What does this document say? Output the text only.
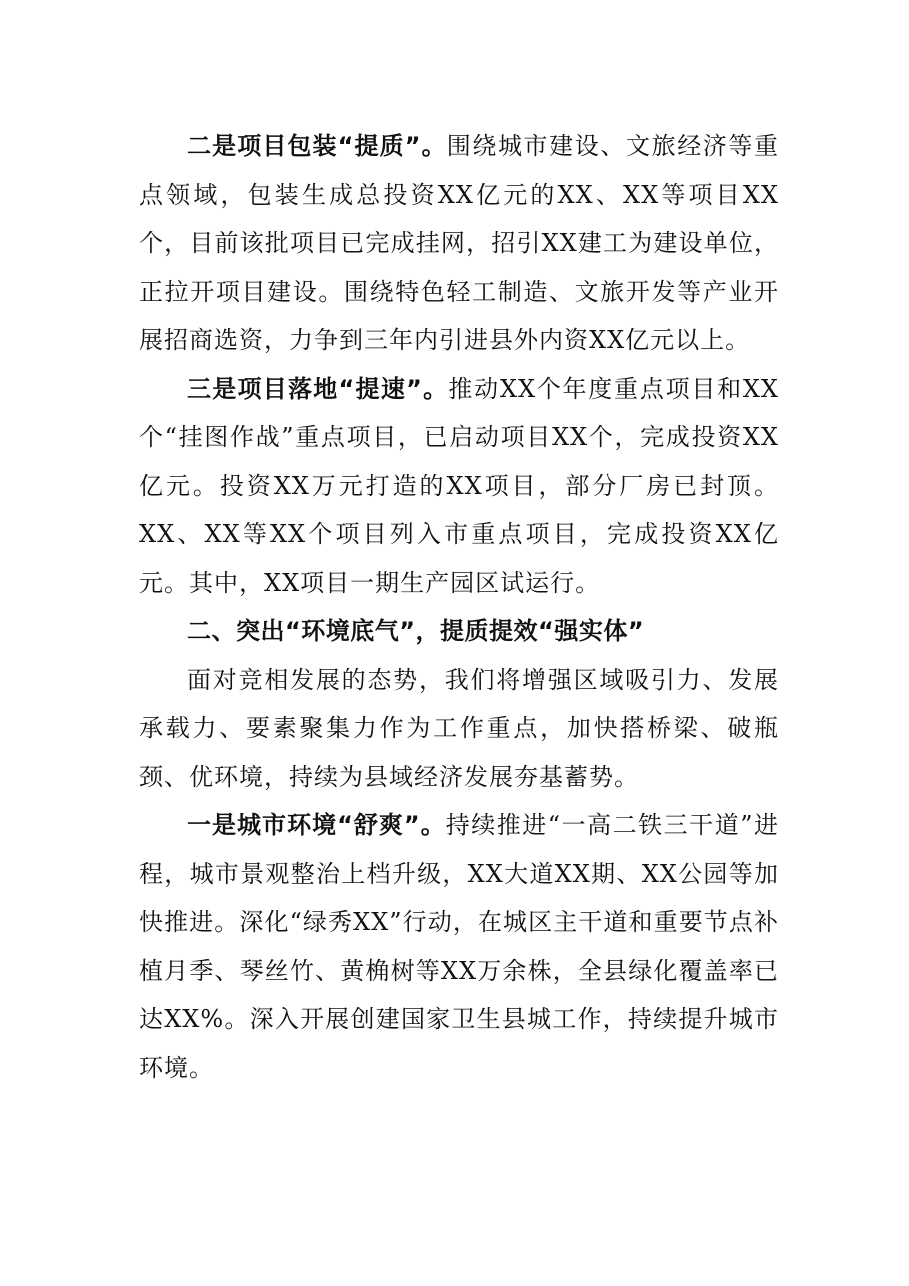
二是项目包装“提质”。围绕城市建设、文旅经济等重点领域，包装生成总投资XX亿元的XX、XX等项目XX个，目前该批项目已完成挂网，招引XX建工为建设单位，正拉开项目建设。围绕特色轻工制造、文旅开发等产业开展招商选资，力争到三年内引进县外内资XX亿元以上。

三是项目落地“提速”。推动XX个年度重点项目和XX个“挂图作战”重点项目，已启动项目XX个，完成投资XX亿元。投资XX万元打造的XX项目，部分厂房已封顶。XX、XX等XX个项目列入市重点项目，完成投资XX亿元。其中，XX项目一期生产园区试运行。

二、突出“环境底气”，提质提效“强实体”

面对竞相发展的态势，我们将增强区域吸引力、发展承载力、要素聚集力作为工作重点，加快搭桥梁、破瓶颈、优环境，持续为县域经济发展夯基蓄势。

一是城市环境“舒爽”。持续推进“一高二铁三干道”进程，城市景观整治上档升级，XX大道XX期、XX公园等加快推进。深化“绿秀XX”行动，在城区主干道和重要节点补植月季、琴丝竹、黄桷树等XX万余株，全县绿化覆盖率已达XX%。深入开展创建国家卫生县城工作，持续提升城市环境。
